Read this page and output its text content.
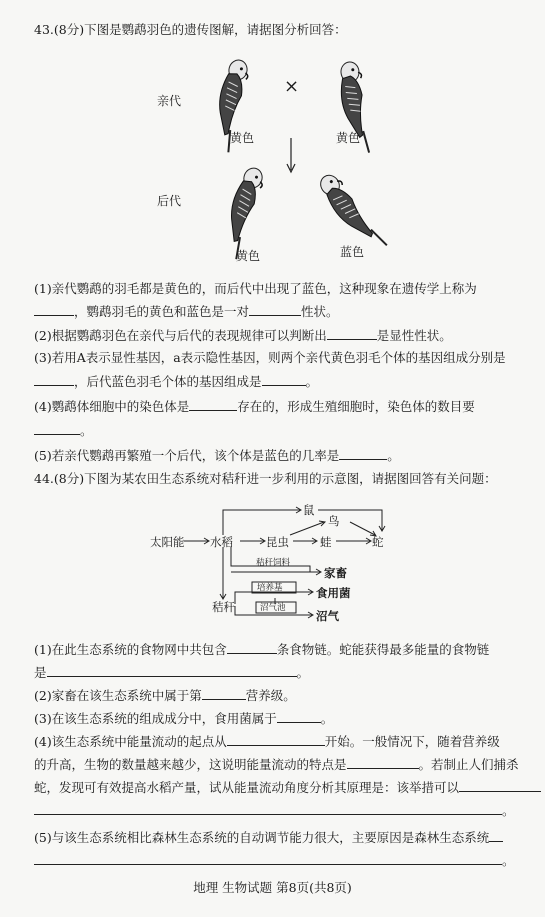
43.(8分)下图是鹦鹉羽色的遗传图解，请据图分析回答：
亲代
后代
×
黄色	黄色
黄色	蓝色
(1)亲代鹦鹉的羽毛都是黄色的，而后代中出现了蓝色，这种现象在遗传学上称为
，鹦鹉羽毛的黄色和蓝色是一对	性状。
(2)根据鹦鹉羽色在亲代与后代的表现规律可以判断出	是显性性状。
(3)若用A表示显性基因，a表示隐性基因，则两个亲代黄色羽毛个体的基因组成分别是
，后代蓝色羽毛个体的基因组成是	。
(4)鹦鹉体细胞中的染色体是	存在的，形成生殖细胞时，染色体的数目要
。
(5)若亲代鹦鹉再繁殖一个后代，该个体是蓝色的几率是	。
44.(8分)下图为某农田生态系统对秸秆进一步利用的示意图，请据图回答有关问题：
太阳能 水稻
鼠
昆虫
鸟
蛙	蛇
秸秆饲料
家畜
秸秆
培养基	食用菌
沼气池
沼气
(1)在此生态系统的食物网中共包含	条食物链。蛇能获得最多能量的食物链
是	。
(2)家畜在该生态系统中属于第	营养级。
(3)在该生态系统的组成成分中，食用菌属于	。
(4)该生态系统中能量流动的起点从	开始。一般情况下，随着营养级
的升高，生物的数量越来越少，这说明能量流动的特点是	。若制止人们捕杀
蛇，发现可有效提高水稻产量，试从能量流动角度分析其原理是：该举措可以
。
(5)与该生态系统相比森林生态系统的自动调节能力很大，主要原因是森林生态系统
。
地理 生物试题 第8页(共8页)
